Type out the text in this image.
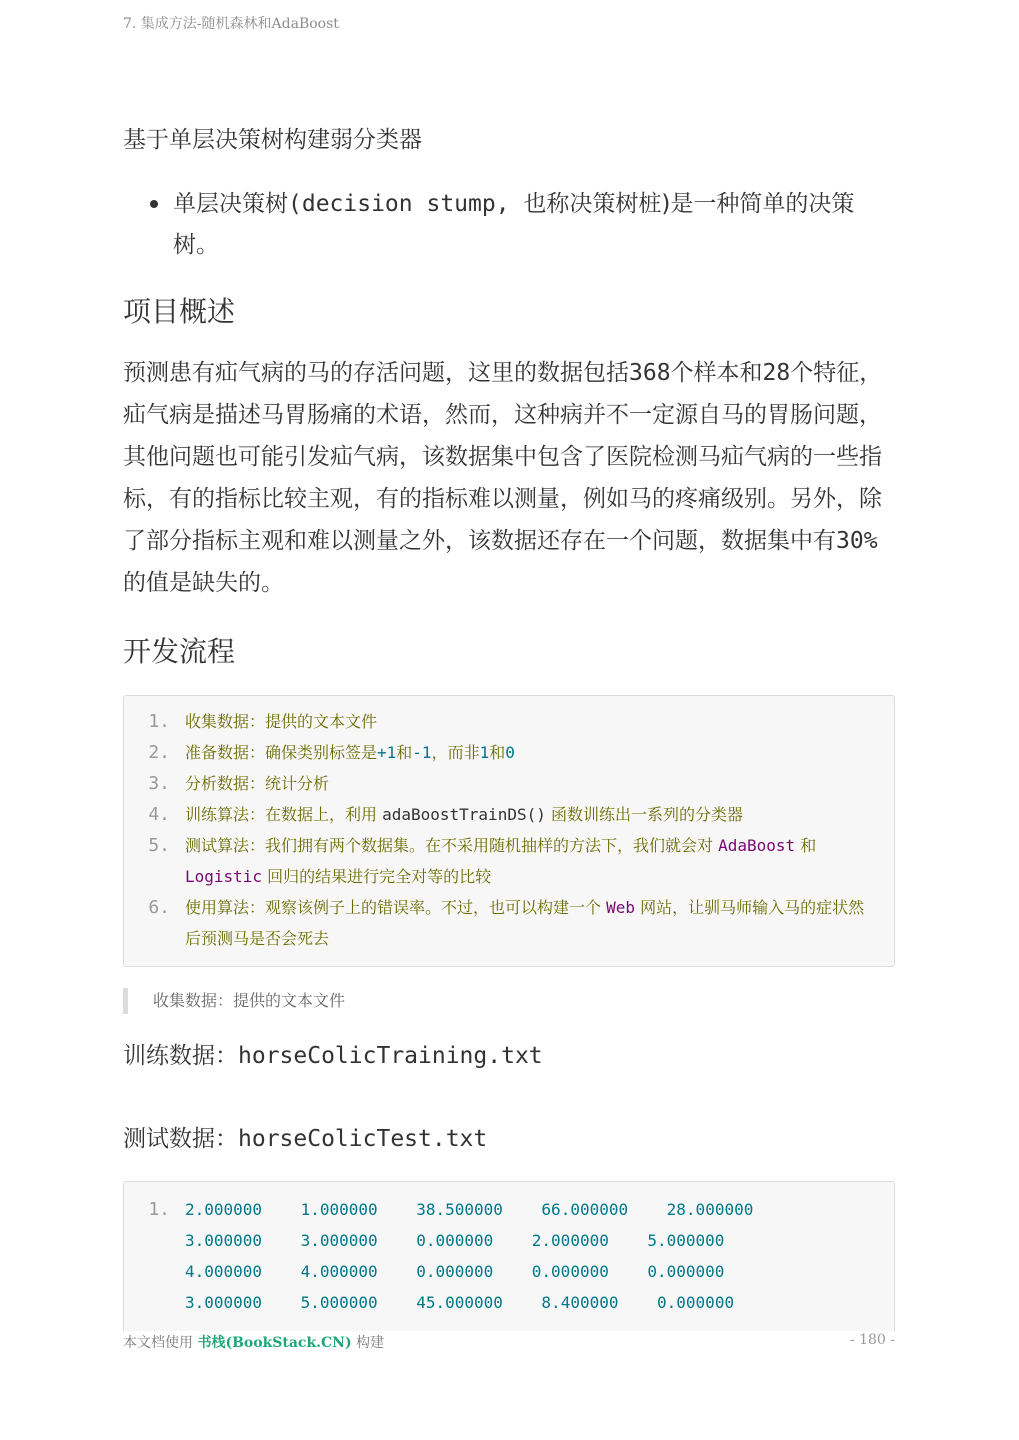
7. 集成方法-随机森林和AdaBoost
基于单层决策树构建弱分类器
单层决策树(decision stump, 也称决策树桩)是一种简单的决策树。
项目概述

预测患有疝气病的马的存活问题，这里的数据包括368个样本和28个特征，疝气病是描述马胃肠痛的术语，然而，这种病并不一定源自马的胃肠问题，其他问题也可能引发疝气病，该数据集中包含了医院检测马疝气病的一些指标，有的指标比较主观，有的指标难以测量，例如马的疼痛级别。另外，除了部分指标主观和难以测量之外，该数据还存在一个问题，数据集中有30%的值是缺失的。

开发流程
1. 收集数据：提供的文本文件
2. 准备数据：确保类别标签是+1和-1，而非1和0
3. 分析数据：统计分析
4. 训练算法：在数据上，利用 adaBoostTrainDS() 函数训练出一系列的分类器
5. 测试算法：我们拥有两个数据集。在不采用随机抽样的方法下，我们就会对 AdaBoost 和 Logistic 回归的结果进行完全对等的比较
6. 使用算法：观察该例子上的错误率。不过，也可以构建一个 Web 网站，让驯马师输入马的症状然后预测马是否会死去
收集数据：提供的文本文件
训练数据：horseColicTraining.txt
测试数据：horseColicTest.txt
1. 2.000000 1.000000 38.500000 66.000000 28.000000
3.000000 3.000000 0.000000 2.000000 5.000000
4.000000 4.000000 0.000000 0.000000 0.000000
3.000000 5.000000 45.000000 8.400000 0.000000
本文档使用 书栈(BookStack.CN) 构建	- 180 -
